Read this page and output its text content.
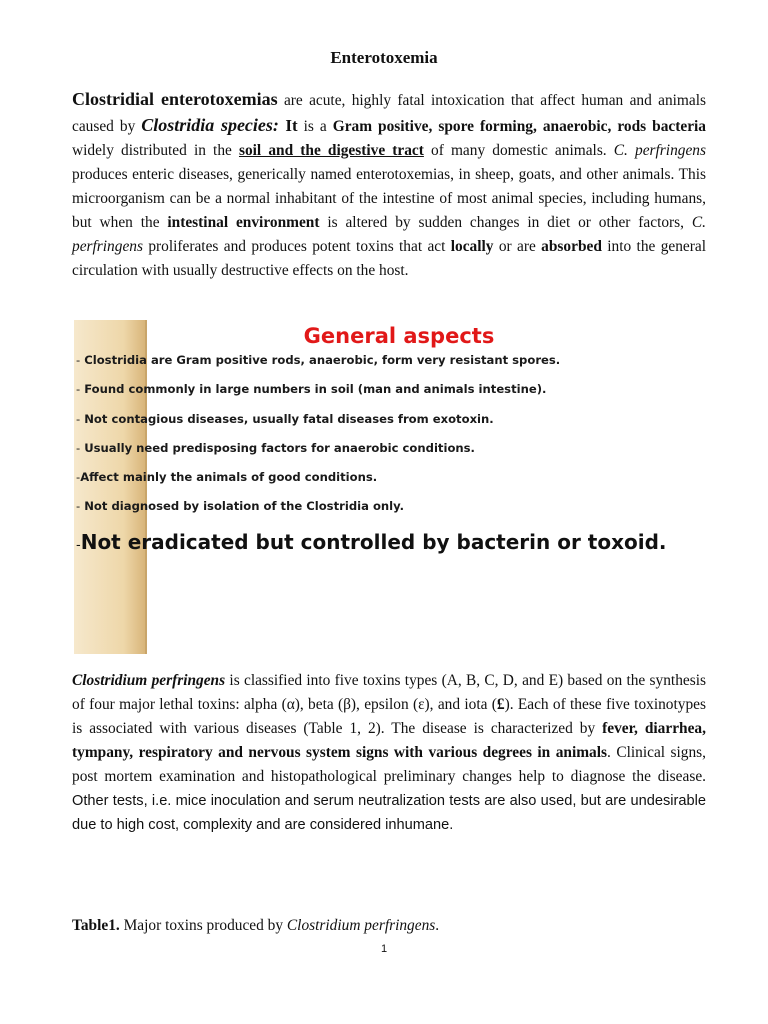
Enterotoxemia

Clostridial enterotoxemias are acute, highly fatal intoxication that affect human and animals caused by Clostridia species: It is a Gram positive, spore forming, anaerobic, rods bacteria widely distributed in the soil and the digestive tract of many domestic animals. C. perfringens produces enteric diseases, generically named enterotoxemias, in sheep, goats, and other animals. This microorganism can be a normal inhabitant of the intestine of most animal species, including humans, but when the intestinal environment is altered by sudden changes in diet or other factors, C. perfringens proliferates and produces potent toxins that act locally or are absorbed into the general circulation with usually destructive effects on the host.

General aspects
- Clostridia are Gram positive rods, anaerobic, form very resistant spores.
- Found commonly in large numbers in soil (man and animals intestine).
- Not contagious diseases, usually fatal diseases from exotoxin.
- Usually need predisposing factors for anaerobic conditions.
-Affect mainly the animals of good conditions.
- Not diagnosed by isolation of the Clostridia only.
-Not eradicated but controlled by bacterin or toxoid.

Clostridium perfringens is classified into five toxins types (A, B, C, D, and E) based on the synthesis of four major lethal toxins: alpha (α), beta (β), epsilon (ε), and iota (£). Each of these five toxinotypes is associated with various diseases (Table 1, 2). The disease is characterized by fever, diarrhea, tympany, respiratory and nervous system signs with various degrees in animals. Clinical signs, post mortem examination and histopathological preliminary changes help to diagnose the disease. Other tests, i.e. mice inoculation and serum neutralization tests are also used, but are undesirable due to high cost, complexity and are considered inhumane.

Table1. Major toxins produced by Clostridium perfringens.

1
